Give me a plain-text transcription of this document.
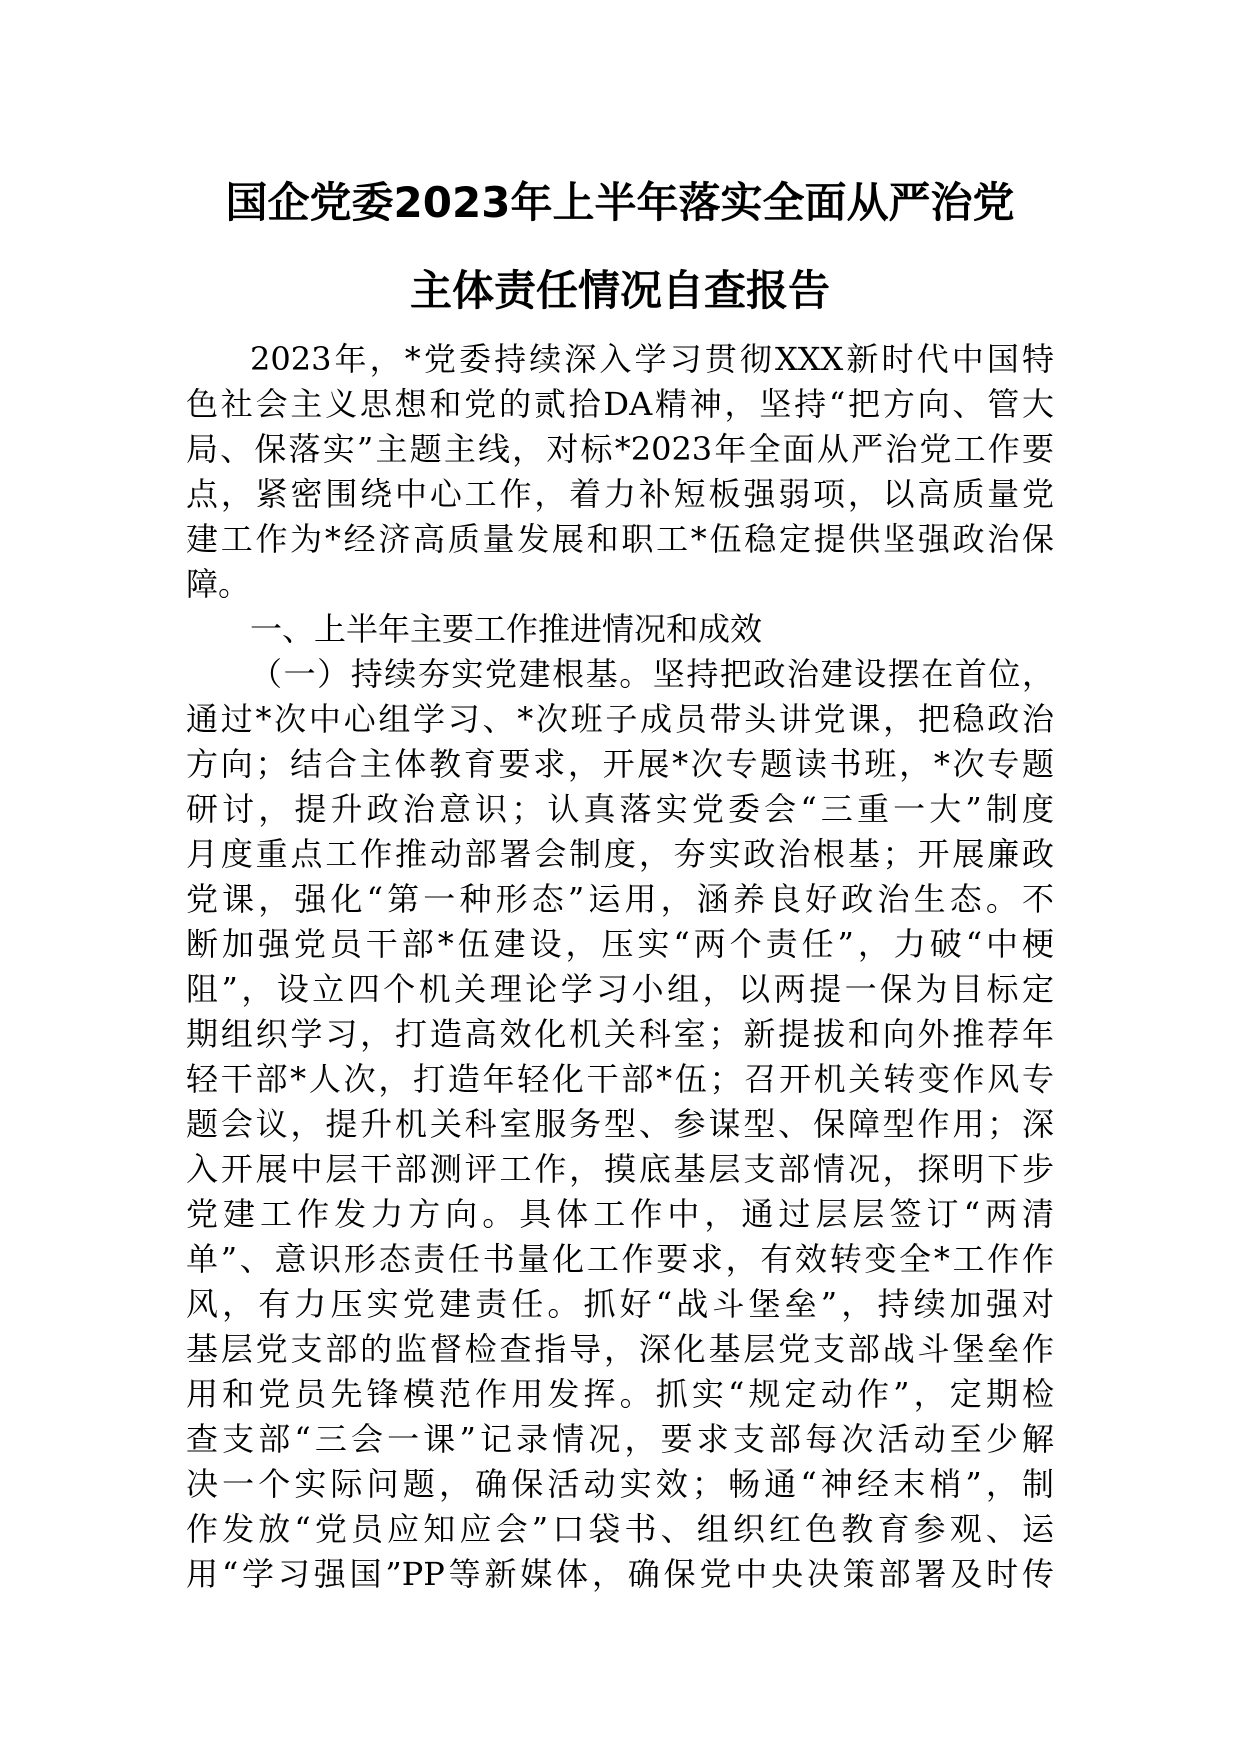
国企党委2023年上半年落实全面从严治党
主体责任情况自查报告
2023年，*党委持续深入学习贯彻XXX新时代中国特
色社会主义思想和党的贰拾DA精神，坚持“把方向、管大
局、保落实”主题主线，对标*2023年全面从严治党工作要
点，紧密围绕中心工作，着力补短板强弱项，以高质量党
建工作为*经济高质量发展和职工*伍稳定提供坚强政治保
障。
一、上半年主要工作推进情况和成效
（一）持续夯实党建根基。坚持把政治建设摆在首位，
通过*次中心组学习、*次班子成员带头讲党课，把稳政治
方向；结合主体教育要求，开展*次专题读书班，*次专题
研讨，提升政治意识；认真落实党委会“三重一大”制度
月度重点工作推动部署会制度，夯实政治根基；开展廉政
党课，强化“第一种形态”运用，涵养良好政治生态。不
断加强党员干部*伍建设，压实“两个责任”，力破“中梗
阻”，设立四个机关理论学习小组，以两提一保为目标定
期组织学习，打造高效化机关科室；新提拔和向外推荐年
轻干部*人次，打造年轻化干部*伍；召开机关转变作风专
题会议，提升机关科室服务型、参谋型、保障型作用；深
入开展中层干部测评工作，摸底基层支部情况，探明下步
党建工作发力方向。具体工作中，通过层层签订“两清
单”、意识形态责任书量化工作要求，有效转变全*工作作
风，有力压实党建责任。抓好“战斗堡垒”，持续加强对
基层党支部的监督检查指导，深化基层党支部战斗堡垒作
用和党员先锋模范作用发挥。抓实“规定动作”，定期检
查支部“三会一课”记录情况，要求支部每次活动至少解
决一个实际问题，确保活动实效；畅通“神经末梢”，制
作发放“党员应知应会”口袋书、组织红色教育参观、运
用“学习强国”PP等新媒体，确保党中央决策部署及时传
